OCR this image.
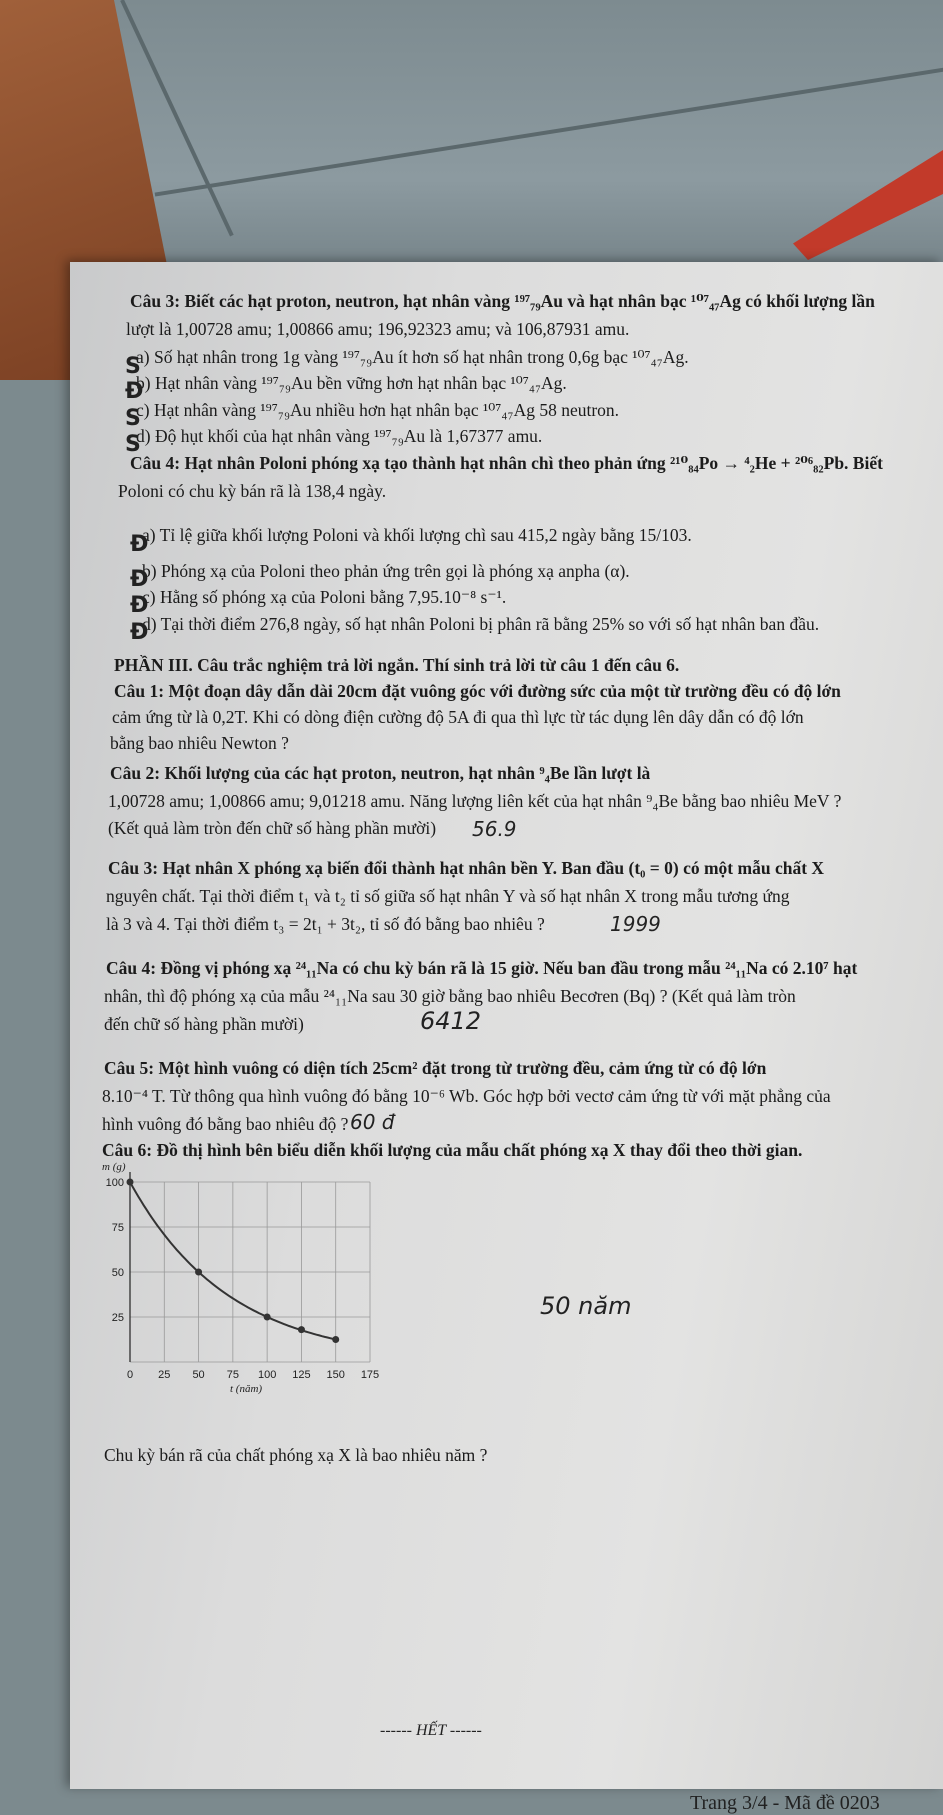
Câu 3: Biết các hạt proton, neutron, hạt nhân vàng ¹⁹⁷₇₉Au và hạt nhân bạc ¹⁰⁷₄₇Ag có khối lượng lần
lượt là 1,00728 amu; 1,00866 amu; 196,92323 amu; và 106,87931 amu.
a) Số hạt nhân trong 1g vàng ¹⁹⁷₇₉Au ít hơn số hạt nhân trong 0,6g bạc ¹⁰⁷₄₇Ag.
b) Hạt nhân vàng ¹⁹⁷₇₉Au bền vững hơn hạt nhân bạc ¹⁰⁷₄₇Ag.
c) Hạt nhân vàng ¹⁹⁷₇₉Au nhiều hơn hạt nhân bạc ¹⁰⁷₄₇Ag 58 neutron.
d) Độ hụt khối của hạt nhân vàng ¹⁹⁷₇₉Au là 1,67377 amu.
Câu 4: Hạt nhân Poloni phóng xạ tạo thành hạt nhân chì theo phản ứng ²¹⁰₈₄Po → ⁴₂He + ²⁰⁶₈₂Pb. Biết
Poloni có chu kỳ bán rã là 138,4 ngày.
a) Tỉ lệ giữa khối lượng Poloni và khối lượng chì sau 415,2 ngày bằng 15/103.
b) Phóng xạ của Poloni theo phản ứng trên gọi là phóng xạ anpha (α).
c) Hằng số phóng xạ của Poloni bằng 7,95.10⁻⁸ s⁻¹.
d) Tại thời điểm 276,8 ngày, số hạt nhân Poloni bị phân rã bằng 25% so với số hạt nhân ban đầu.
PHẦN III. Câu trắc nghiệm trả lời ngắn. Thí sinh trả lời từ câu 1 đến câu 6.
Câu 1: Một đoạn dây dẫn dài 20cm đặt vuông góc với đường sức của một từ trường đều có độ lớn
cảm ứng từ là 0,2T. Khi có dòng điện cường độ 5A đi qua thì lực từ tác dụng lên dây dẫn có độ lớn
bằng bao nhiêu Newton ?
Câu 2: Khối lượng của các hạt proton, neutron, hạt nhân ⁹₄Be lần lượt là
1,00728 amu; 1,00866 amu; 9,01218 amu. Năng lượng liên kết của hạt nhân ⁹₄Be bằng bao nhiêu MeV ?
(Kết quả làm tròn đến chữ số hàng phần mười)
Câu 3: Hạt nhân X phóng xạ biến đổi thành hạt nhân bền Y. Ban đầu (t₀ = 0) có một mẫu chất X
nguyên chất. Tại thời điểm t₁ và t₂ tỉ số giữa số hạt nhân Y và số hạt nhân X trong mẫu tương ứng
là 3 và 4. Tại thời điểm t₃ = 2t₁ + 3t₂, tỉ số đó bằng bao nhiêu ?
Câu 4: Đồng vị phóng xạ ²⁴₁₁Na có chu kỳ bán rã là 15 giờ. Nếu ban đầu trong mẫu ²⁴₁₁Na có 2.10⁷ hạt
nhân, thì độ phóng xạ của mẫu ²⁴₁₁Na sau 30 giờ bằng bao nhiêu Becơren (Bq) ? (Kết quả làm tròn
đến chữ số hàng phần mười)
Câu 5: Một hình vuông có diện tích 25cm² đặt trong từ trường đều, cảm ứng từ có độ lớn
8.10⁻⁴ T. Từ thông qua hình vuông đó bằng 10⁻⁶ Wb. Góc hợp bởi vectơ cảm ứng từ với mặt phẳng của
hình vuông đó bằng bao nhiêu độ ?
Câu 6: Đồ thị hình bên biểu diễn khối lượng của mẫu chất phóng xạ X thay đổi theo thời gian.
Chu kỳ bán rã của chất phóng xạ X là bao nhiêu năm ?
S
Đ
S
S
Đ
Đ
Đ
Đ
56.9
1999
6412
60 đ
50 năm
0 25 50 75 100 125 150 175
100
75
50
25
t (năm)
m (g)
------ HẾT ------
Trang 3/4 - Mã đề 0203
